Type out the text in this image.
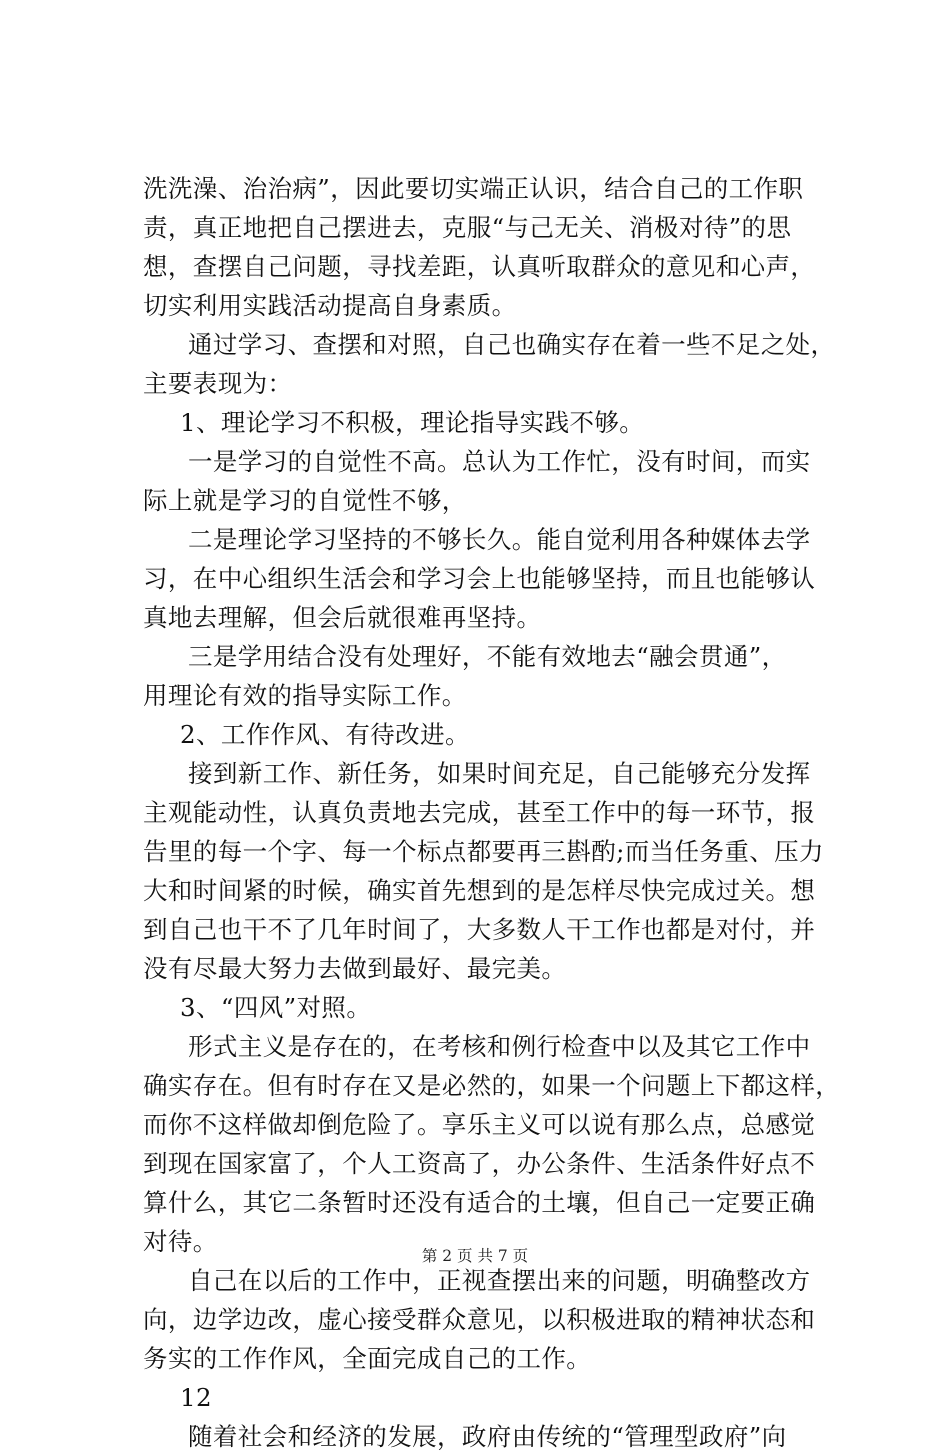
洗洗澡、治治病”，因此要切实端正认识，结合自己的工作职
责，真正地把自己摆进去，克服“与己无关、消极对待”的思
想，查摆自己问题，寻找差距，认真听取群众的意见和心声，
切实利用实践活动提高自身素质。
通过学习、查摆和对照，自己也确实存在着一些不足之处，
主要表现为：
1、理论学习不积极，理论指导实践不够。
一是学习的自觉性不高。总认为工作忙，没有时间，而实
际上就是学习的自觉性不够，
二是理论学习坚持的不够长久。能自觉利用各种媒体去学
习，在中心组织生活会和学习会上也能够坚持，而且也能够认
真地去理解，但会后就很难再坚持。
三是学用结合没有处理好，不能有效地去“融会贯通”，
用理论有效的指导实际工作。
2、工作作风、有待改进。
接到新工作、新任务，如果时间充足，自己能够充分发挥
主观能动性，认真负责地去完成，甚至工作中的每一环节，报
告里的每一个字、每一个标点都要再三斟酌;而当任务重、压力
大和时间紧的时候，确实首先想到的是怎样尽快完成过关。想
到自己也干不了几年时间了，大多数人干工作也都是对付，并
没有尽最大努力去做到最好、最完美。
3、“四风”对照。
形式主义是存在的，在考核和例行检查中以及其它工作中
确实存在。但有时存在又是必然的，如果一个问题上下都这样，
而你不这样做却倒危险了。享乐主义可以说有那么点，总感觉
到现在国家富了，个人工资高了，办公条件、生活条件好点不
算什么，其它二条暂时还没有适合的土壤，但自己一定要正确
对待。
自己在以后的工作中，正视查摆出来的问题，明确整改方
向，边学边改，虚心接受群众意见，以积极进取的精神状态和
务实的工作作风，全面完成自己的工作。
12
随着社会和经济的发展，政府由传统的“管理型政府”向
第 2 页 共 7 页
